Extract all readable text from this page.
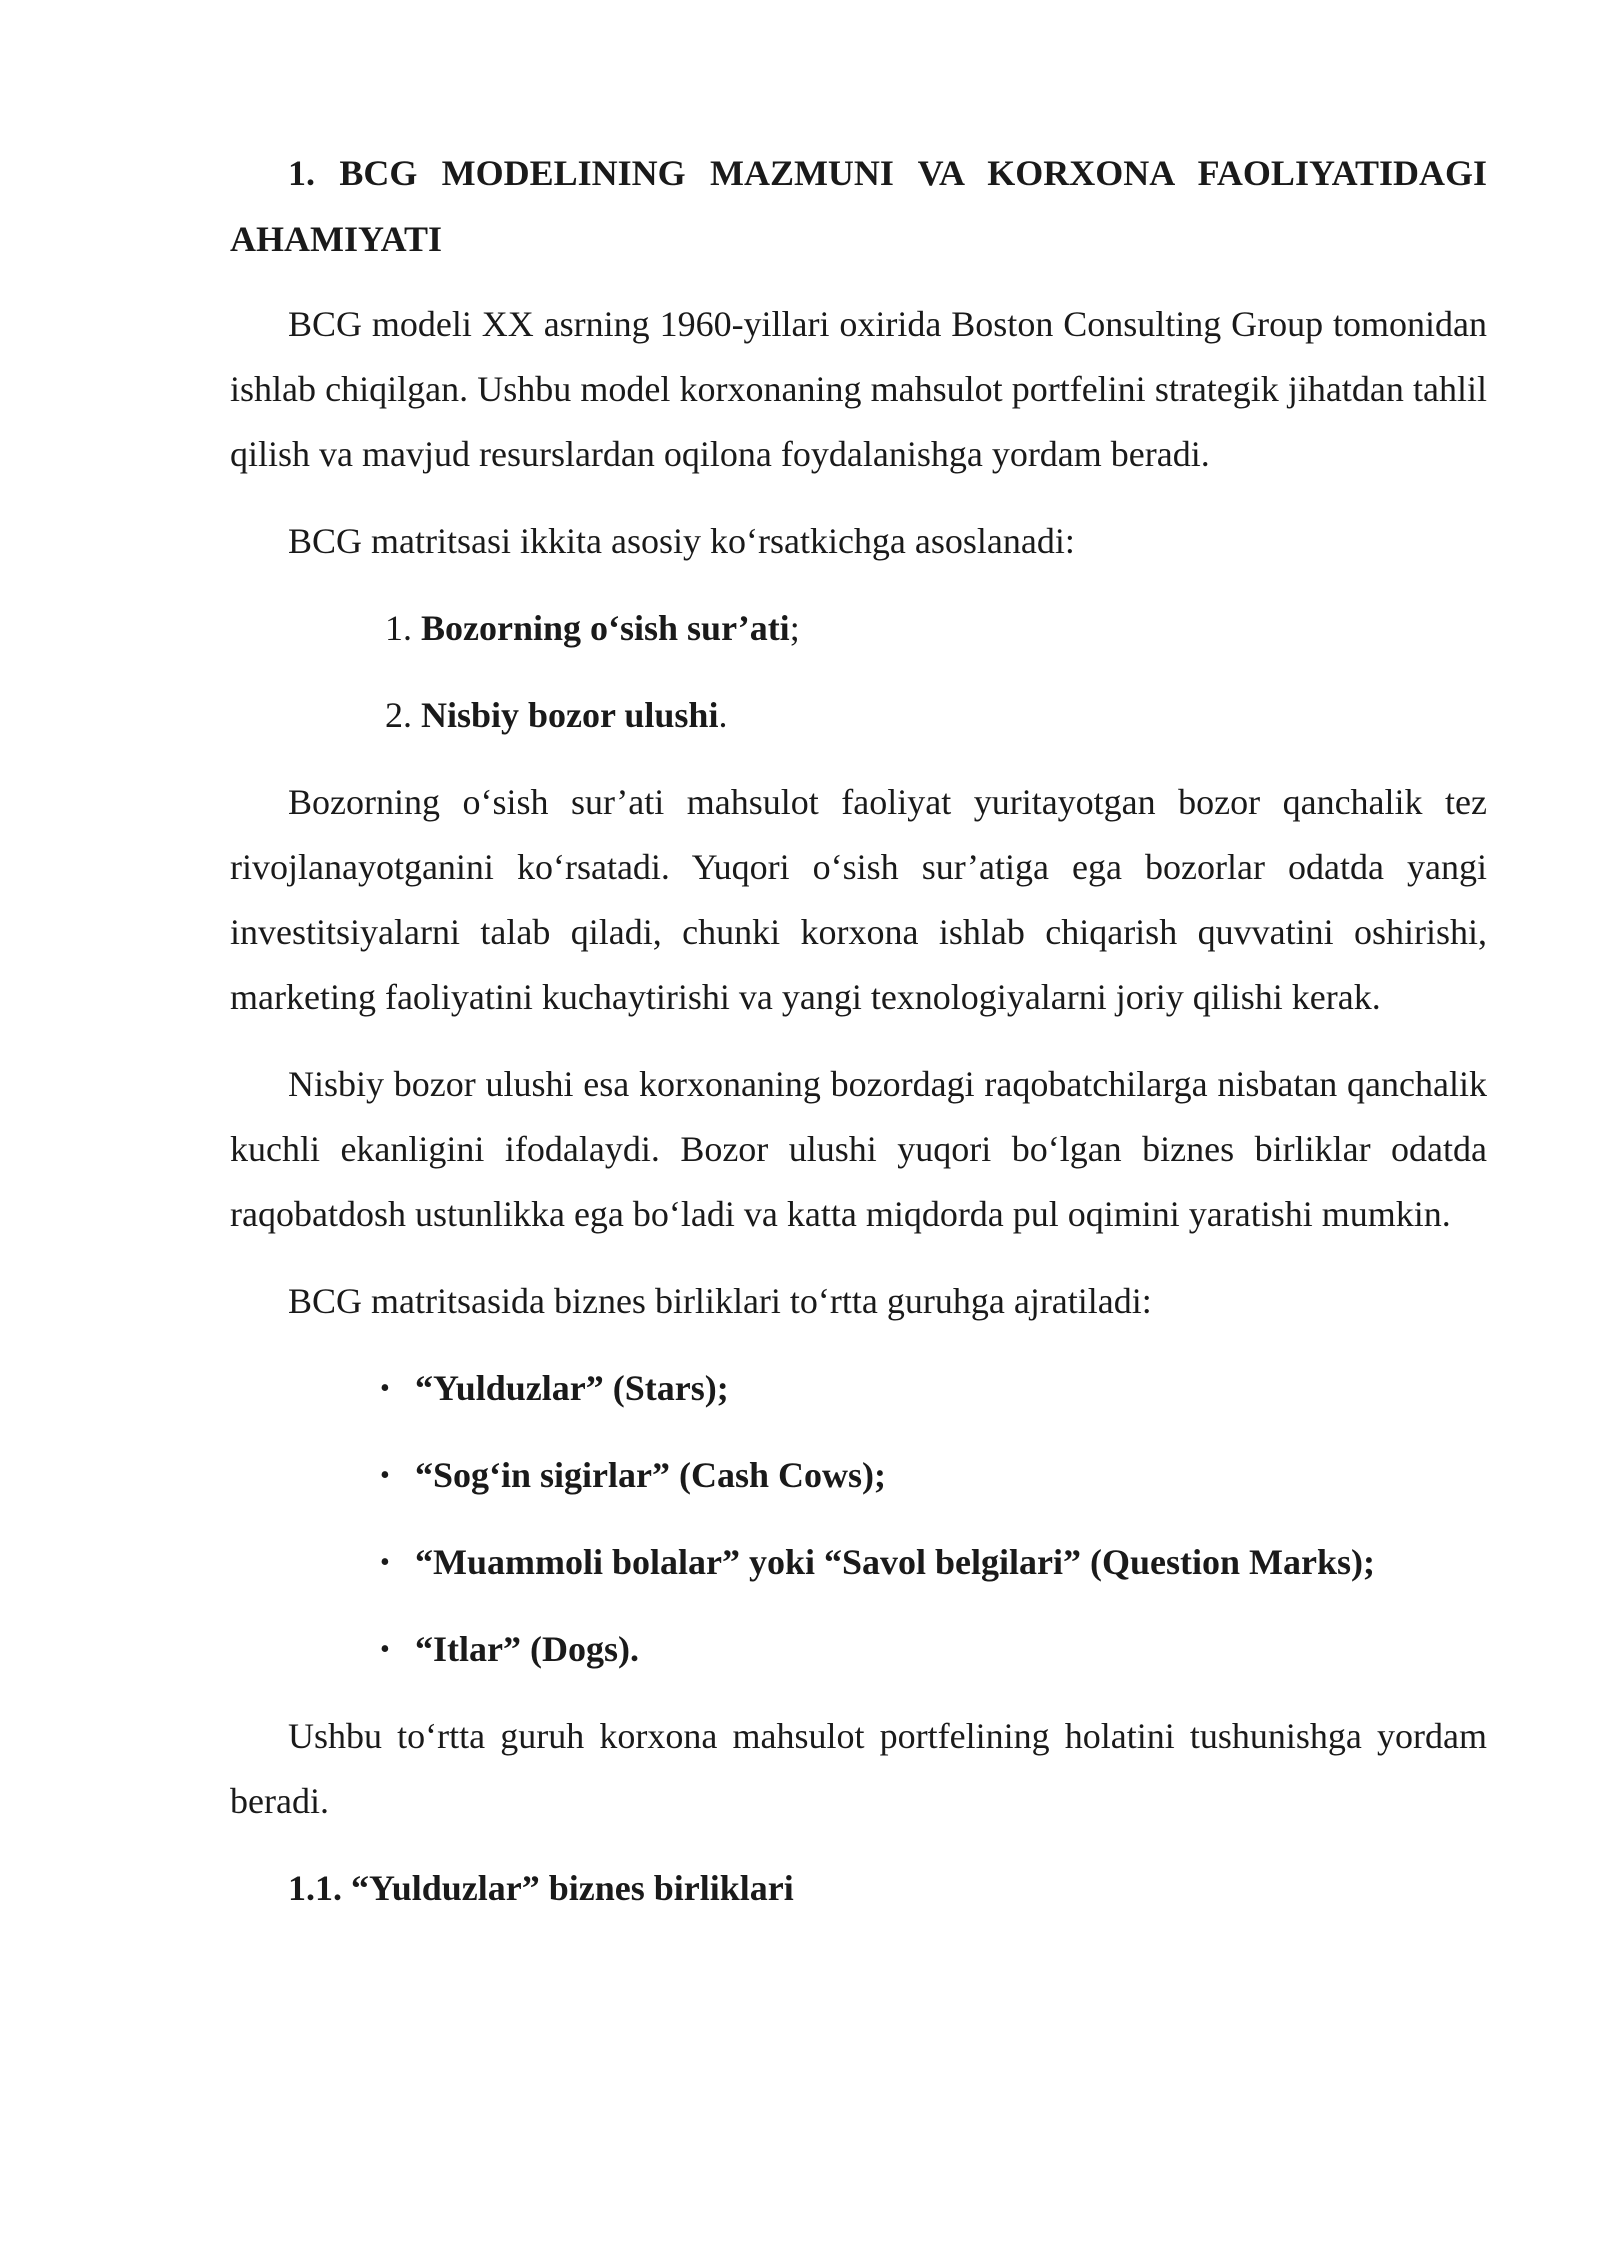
1. BCG MODELINING MAZMUNI VA KORXONA FAOLIYATIDAGI AHAMIYATI

BCG modeli XX asrning 1960-yillari oxirida Boston Consulting Group tomonidan ishlab chiqilgan. Ushbu model korxonaning mahsulot portfelini strategik jihatdan tahlil qilish va mavjud resurslardan oqilona foydalanishga yordam beradi.

BCG matritsasi ikkita asosiy ko‘rsatkichga asoslanadi:

1. Bozorning o‘sish sur’ati;
2. Nisbiy bozor ulushi.

Bozorning o‘sish sur’ati mahsulot faoliyat yuritayotgan bozor qanchalik tez rivojlanayotganini ko‘rsatadi. Yuqori o‘sish sur’atiga ega bozorlar odatda yangi investitsiyalarni talab qiladi, chunki korxona ishlab chiqarish quvvatini oshirishi, marketing faoliyatini kuchaytirishi va yangi texnologiyalarni joriy qilishi kerak.

Nisbiy bozor ulushi esa korxonaning bozordagi raqobatchilarga nisbatan qanchalik kuchli ekanligini ifodalaydi. Bozor ulushi yuqori bo‘lgan biznes birliklar odatda raqobatdosh ustunlikka ega bo‘ladi va katta miqdorda pul oqimini yaratishi mumkin.

BCG matritsasida biznes birliklari to‘rtta guruhga ajratiladi:

• “Yulduzlar” (Stars);
• “Sog‘in sigirlar” (Cash Cows);
• “Muammoli bolalar” yoki “Savol belgilari” (Question Marks);
• “Itlar” (Dogs).

Ushbu to‘rtta guruh korxona mahsulot portfelining holatini tushunishga yordam beradi.

1.1. “Yulduzlar” biznes birliklari
